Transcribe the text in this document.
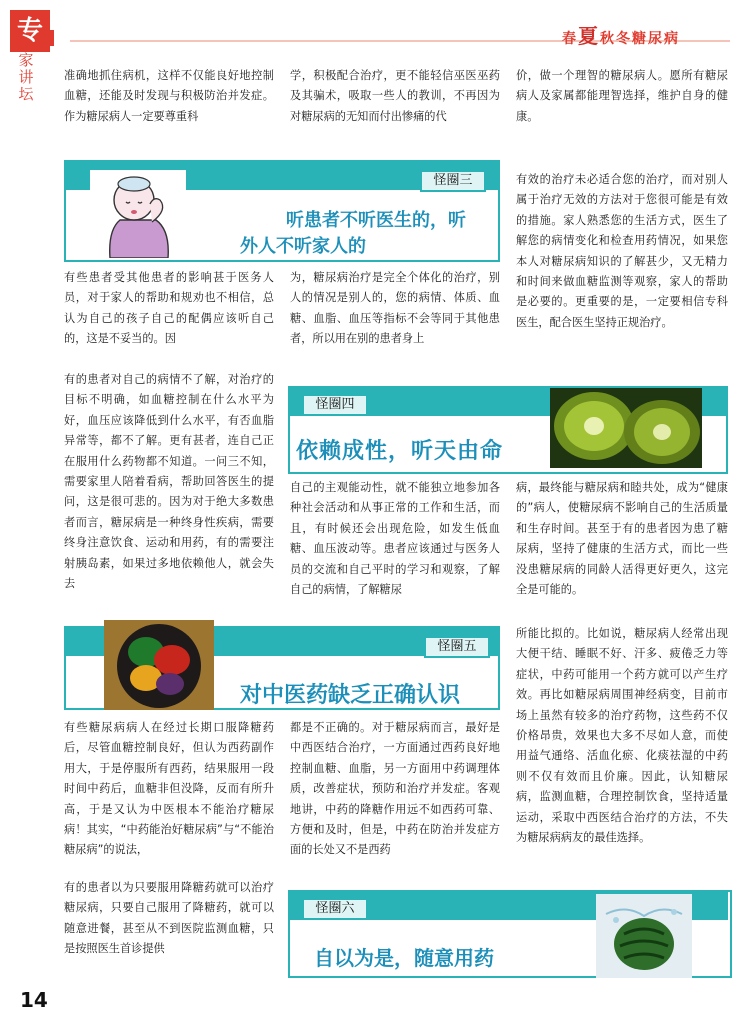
专
家讲坛
春夏秋冬糖尿病
准确地抓住病机，这样不仅能良好地控制血糖，还能及时发现与积极防治并发症。作为糖尿病人一定要尊重科
学，积极配合治疗，更不能轻信巫医巫药及其骗术，吸取一些人的教训，不再因为对糖尿病的无知而付出惨痛的代
价，做一个理智的糖尿病人。愿所有糖尿病人及家属都能理智选择，维护自身的健康。
怪圈三
听患者不听医生的，听
外人不听家人的
有些患者受其他患者的影响甚于医务人员，对于家人的帮助和规劝也不相信，总认为自己的孩子自己的配偶应该听自己的，这是不妥当的。因
为，糖尿病治疗是完全个体化的治疗，别人的情况是别人的，您的病情、体质、血糖、血脂、血压等指标不会等同于其他患者，所以用在别的患者身上
有效的治疗未必适合您的治疗，而对别人属于治疗无效的方法对于您很可能是有效的措施。家人熟悉您的生活方式，医生了解您的病情变化和检查用药情况，如果您本人对糖尿病知识的了解甚少，又无精力和时间来做血糖监测等观察，家人的帮助是必要的。更重要的是，一定要相信专科医生，配合医生坚持正规治疗。
怪圈四
依赖成性，听天由命
有的患者对自己的病情不了解，对治疗的目标不明确，如血糖控制在什么水平为好，血压应该降低到什么水平，有否血脂异常等，都不了解。更有甚者，连自己正在服用什么药物都不知道。一问三不知，需要家里人陪着看病，帮助回答医生的提问，这是很可悲的。因为对于绝大多数患者而言，糖尿病是一种终身性疾病，需要终身注意饮食、运动和用药，有的需要注射胰岛素，如果过多地依赖他人，就会失去
自己的主观能动性，就不能独立地参加各种社会活动和从事正常的工作和生活，而且，有时候还会出现危险，如发生低血糖、血压波动等。患者应该通过与医务人员的交流和自己平时的学习和观察，了解自己的病情，了解糖尿
病，最终能与糖尿病和睦共处，成为“健康的”病人，使糖尿病不影响自己的生活质量和生存时间。甚至于有的患者因为患了糖尿病，坚持了健康的生活方式，而比一些没患糖尿病的同龄人活得更好更久，这完全是可能的。
怪圈五
对中医药缺乏正确认识
有些糖尿病病人在经过长期口服降糖药后，尽管血糖控制良好，但认为西药副作用大，于是停服所有西药，结果服用一段时间中药后，血糖非但没降，反而有所升高，于是又认为中医根本不能治疗糖尿病！其实，“中药能治好糖尿病”与“不能治糖尿病”的说法，
都是不正确的。对于糖尿病而言，最好是中西医结合治疗，一方面通过西药良好地控制血糖、血脂，另一方面用中药调理体质，改善症状，预防和治疗并发症。客观地讲，中药的降糖作用远不如西药可靠、方便和及时，但是，中药在防治并发症方面的长处又不是西药
所能比拟的。比如说，糖尿病人经常出现大便干结、睡眠不好、汗多、疲倦乏力等症状，中药可能用一个药方就可以产生疗效。再比如糖尿病周围神经病变，目前市场上虽然有较多的治疗药物，这些药不仅价格昂贵，效果也大多不尽如人意，而使用益气通络、活血化瘀、化痰祛湿的中药则不仅有效而且价廉。因此，认知糖尿病，监测血糖，合理控制饮食，坚持适量运动，采取中西医结合治疗的方法，不失为糖尿病病友的最佳选择。
怪圈六
自以为是，随意用药
有的患者以为只要服用降糖药就可以治疗糖尿病，只要自己服用了降糖药，就可以随意进餐，甚至从不到医院监测血糖，只是按照医生首诊提供
14
